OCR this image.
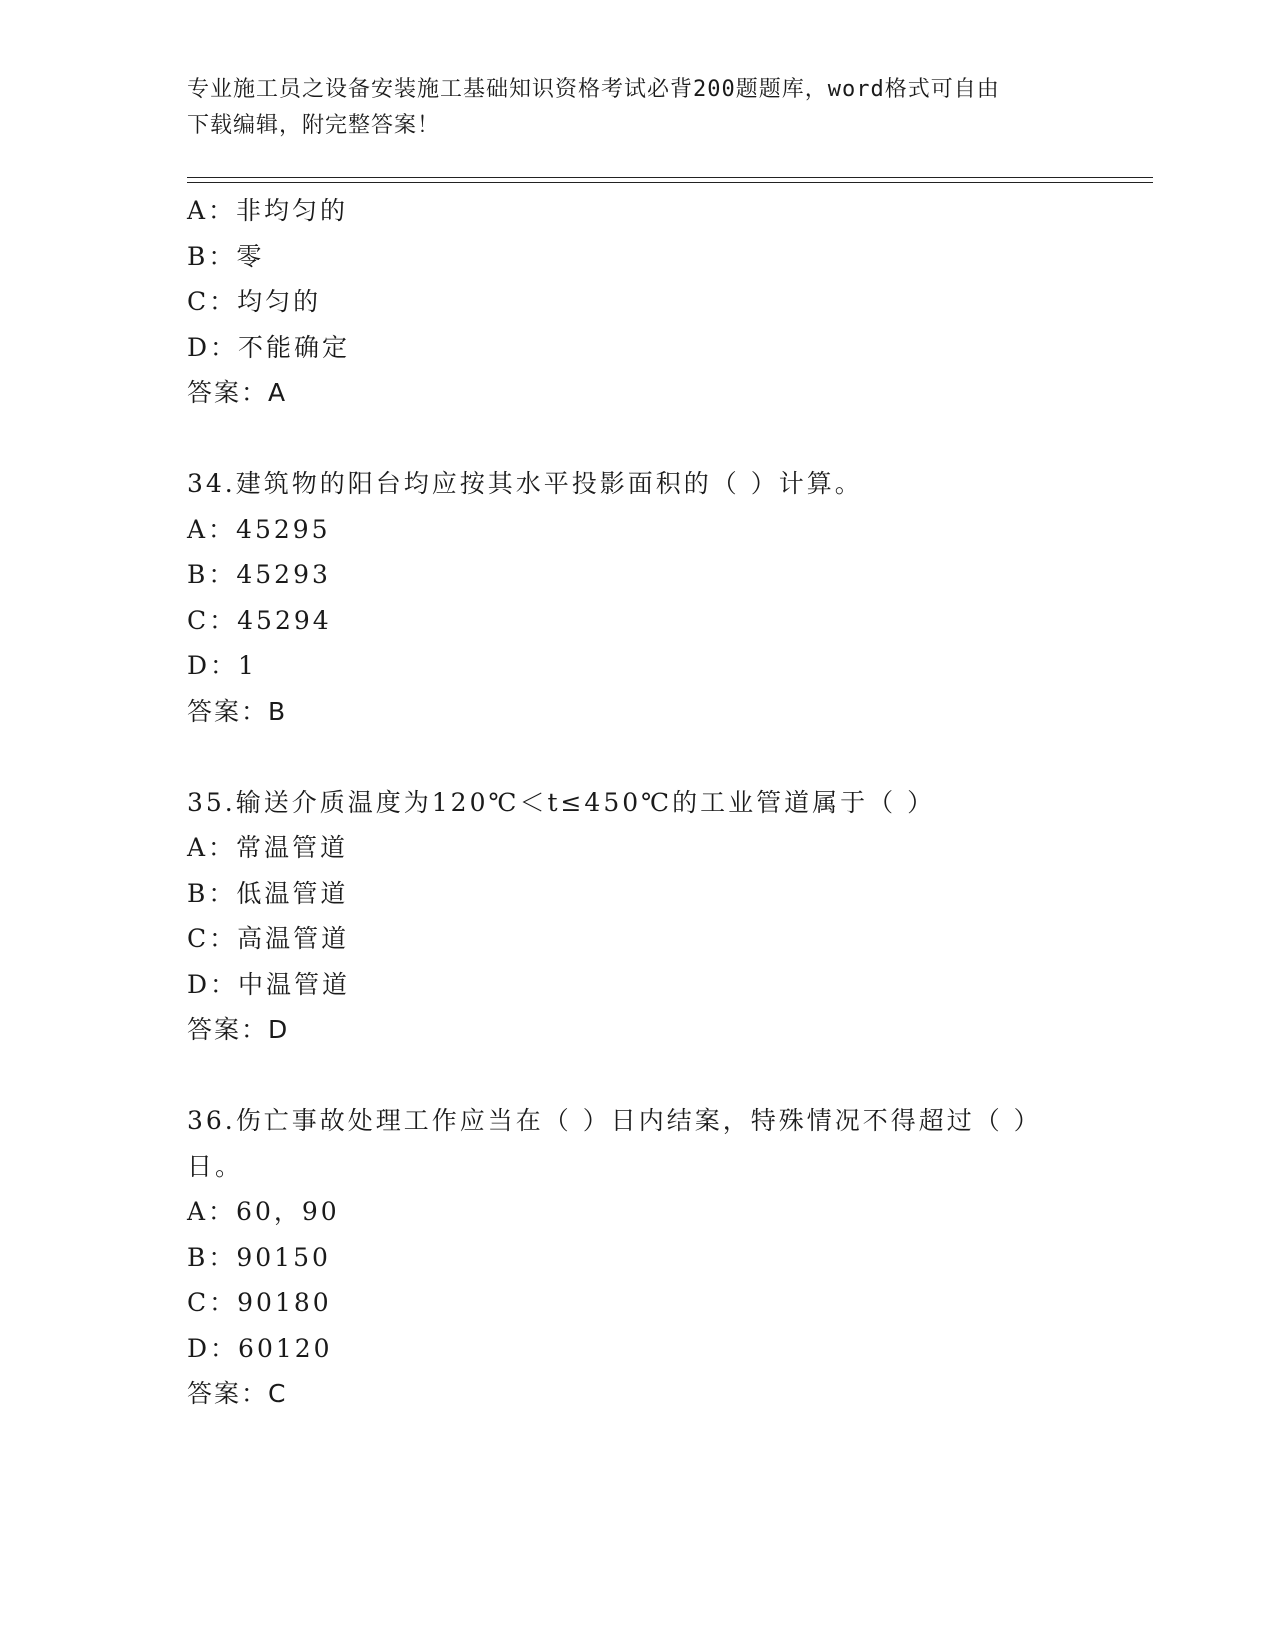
专业施工员之设备安装施工基础知识资格考试必背200题题库，word格式可自由
下载编辑，附完整答案！
A：非均匀的
B：零
C：均匀的
D：不能确定
答案：A
34.建筑物的阳台均应按其水平投影面积的（ ）计算。
A：45295
B：45293
C：45294
D：1
答案：B
35.输送介质温度为120℃＜t≤450℃的工业管道属于（ ）
A：常温管道
B：低温管道
C：高温管道
D：中温管道
答案：D
36.伤亡事故处理工作应当在（ ）日内结案，特殊情况不得超过（ ）
日。
A：60，90
B：90150
C：90180
D：60120
答案：C
